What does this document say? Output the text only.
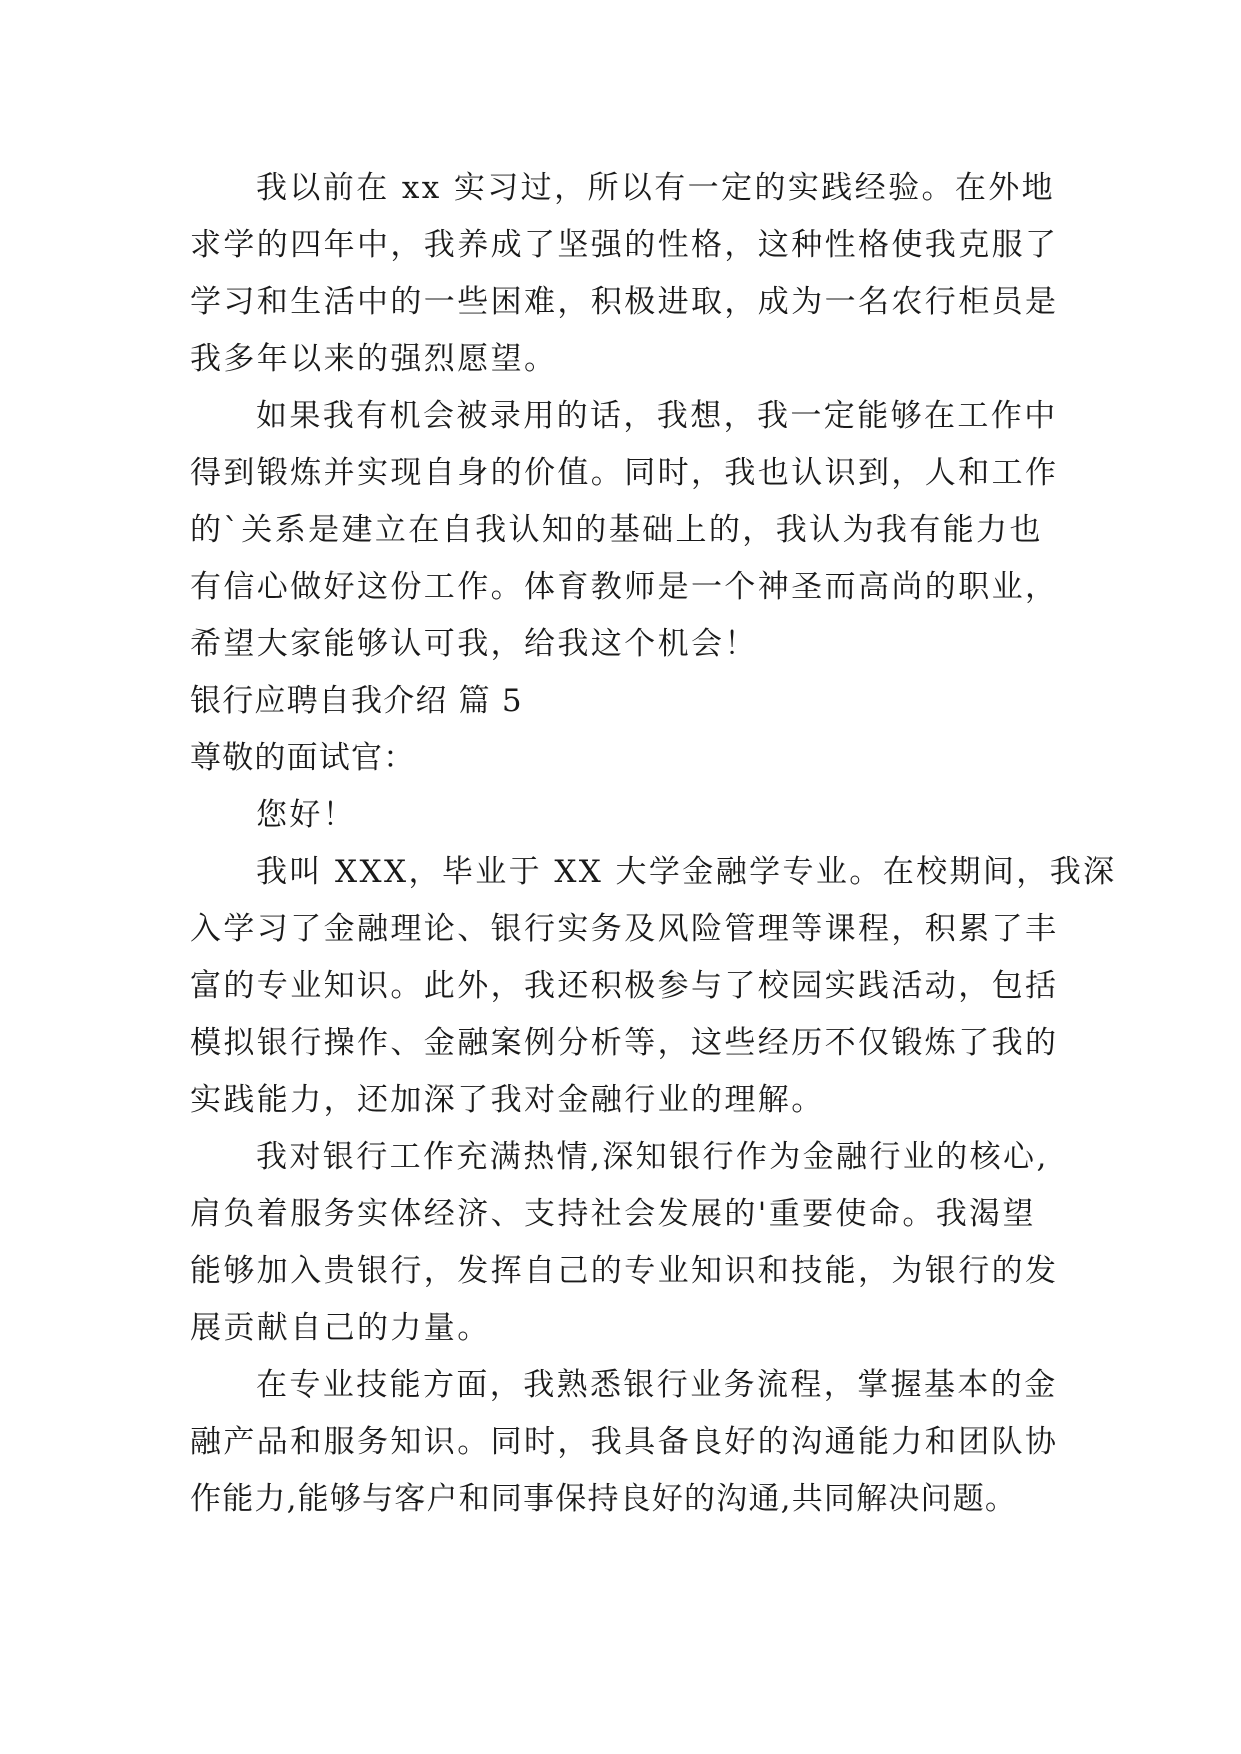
我以前在 xx 实习过，所以有一定的实践经验。在外地

求学的四年中，我养成了坚强的性格，这种性格使我克服了

学习和生活中的一些困难，积极进取，成为一名农行柜员是

我多年以来的强烈愿望。

如果我有机会被录用的话，我想，我一定能够在工作中

得到锻炼并实现自身的价值。同时，我也认识到，人和工作

的`关系是建立在自我认知的基础上的，我认为我有能力也

有信心做好这份工作。体育教师是一个神圣而高尚的职业，

希望大家能够认可我，给我这个机会！

银行应聘自我介绍 篇 5

尊敬的面试官：

您好！

我叫 XXX，毕业于 XX 大学金融学专业。在校期间，我深

入学习了金融理论、银行实务及风险管理等课程，积累了丰

富的专业知识。此外，我还积极参与了校园实践活动，包括

模拟银行操作、金融案例分析等，这些经历不仅锻炼了我的

实践能力，还加深了我对金融行业的理解。

我对银行工作充满热情,深知银行作为金融行业的核心,

肩负着服务实体经济、支持社会发展的'重要使命。我渴望

能够加入贵银行，发挥自己的专业知识和技能，为银行的发

展贡献自己的力量。

在专业技能方面，我熟悉银行业务流程，掌握基本的金

融产品和服务知识。同时，我具备良好的沟通能力和团队协

作能力,能够与客户和同事保持良好的沟通,共同解决问题。
